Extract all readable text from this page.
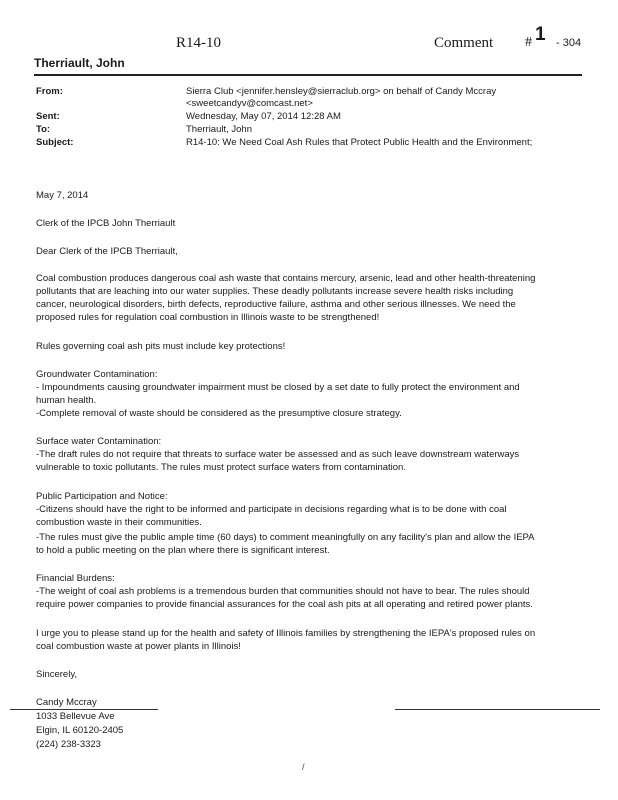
R14-10	Comment # 1 - 304
Therriault, John
From:	Sierra Club <jennifer.hensley@sierraclub.org> on behalf of Candy Mccray
<sweetcandyv@comcast.net>
Sent:	Wednesday, May 07, 2014 12:28 AM
To:	Therriault, John
Subject:	R14-10: We Need Coal Ash Rules that Protect Public Health and the Environment;
May 7, 2014
Clerk of the IPCB John Therriault
Dear Clerk of the IPCB Therriault,
Coal combustion produces dangerous coal ash waste that contains mercury, arsenic, lead and other health-threatening
pollutants that are leaching into our water supplies. These deadly pollutants increase severe health risks including
cancer, neurological disorders, birth defects, reproductive failure, asthma and other serious illnesses. We need the
proposed rules for regulation coal combustion in Illinois waste to be strengthened!
Rules governing coal ash pits must include key protections!
Groundwater Contamination:
- Impoundments causing groundwater impairment must be closed by a set date to fully protect the environment and
human health.
-Complete removal of waste should be considered as the presumptive closure strategy.
Surface water Contamination:
-The draft rules do not require that threats to surface water be assessed and as such leave downstream waterways
vulnerable to toxic pollutants. The rules must protect surface waters from contamination.
Public Participation and Notice:
-Citizens should have the right to be informed and participate in decisions regarding what is to be done with coal
combustion waste in their communities.
-The rules must give the public ample time (60 days) to comment meaningfully on any facility's plan and allow the IEPA
to hold a public meeting on the plan where there is significant interest.
Financial Burdens:
-The weight of coal ash problems is a tremendous burden that communities should not have to bear. The rules should
require power companies to provide financial assurances for the coal ash pits at all operating and retired power plants.
I urge you to please stand up for the health and safety of Illinois families by strengthening the IEPA's proposed rules on
coal combustion waste at power plants in Illinois!
Sincerely,
Candy Mccray
1033 Bellevue Ave
Elgin, IL 60120-2405
(224) 238-3323
/
